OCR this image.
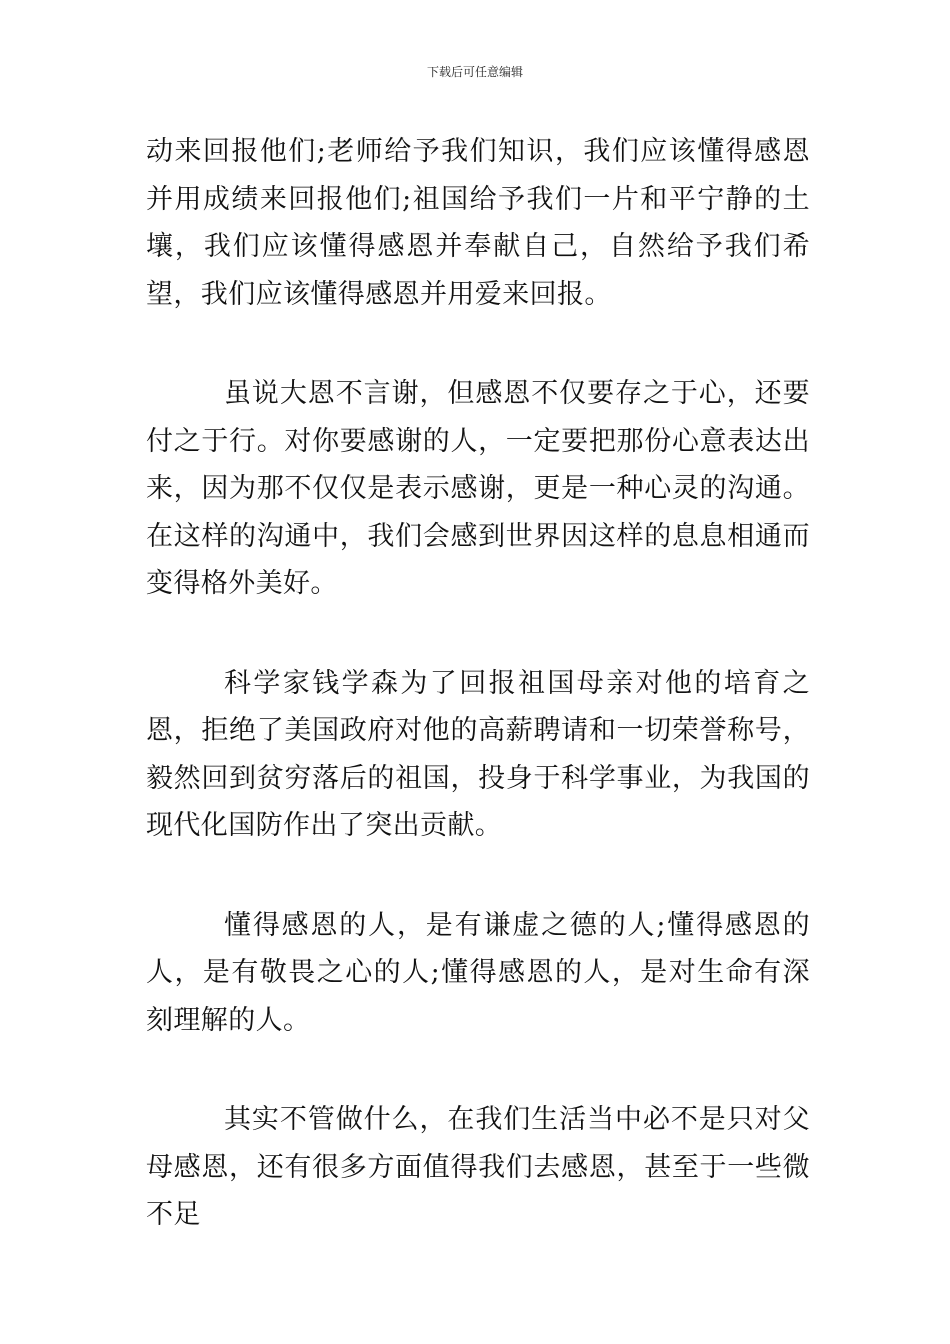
下载后可任意编辑

动来回报他们;老师给予我们知识，我们应该懂得感恩并用成绩来回报他们;祖国给予我们一片和平宁静的土壤，我们应该懂得感恩并奉献自己，自然给予我们希望，我们应该懂得感恩并用爱来回报。

虽说大恩不言谢，但感恩不仅要存之于心，还要付之于行。对你要感谢的人，一定要把那份心意表达出来，因为那不仅仅是表示感谢，更是一种心灵的沟通。在这样的沟通中，我们会感到世界因这样的息息相通而变得格外美好。

科学家钱学森为了回报祖国母亲对他的培育之恩，拒绝了美国政府对他的高薪聘请和一切荣誉称号，毅然回到贫穷落后的祖国，投身于科学事业，为我国的现代化国防作出了突出贡献。

懂得感恩的人，是有谦虚之德的人;懂得感恩的人，是有敬畏之心的人;懂得感恩的人，是对生命有深刻理解的人。

其实不管做什么，在我们生活当中必不是只对父母感恩，还有很多方面值得我们去感恩，甚至于一些微不足
